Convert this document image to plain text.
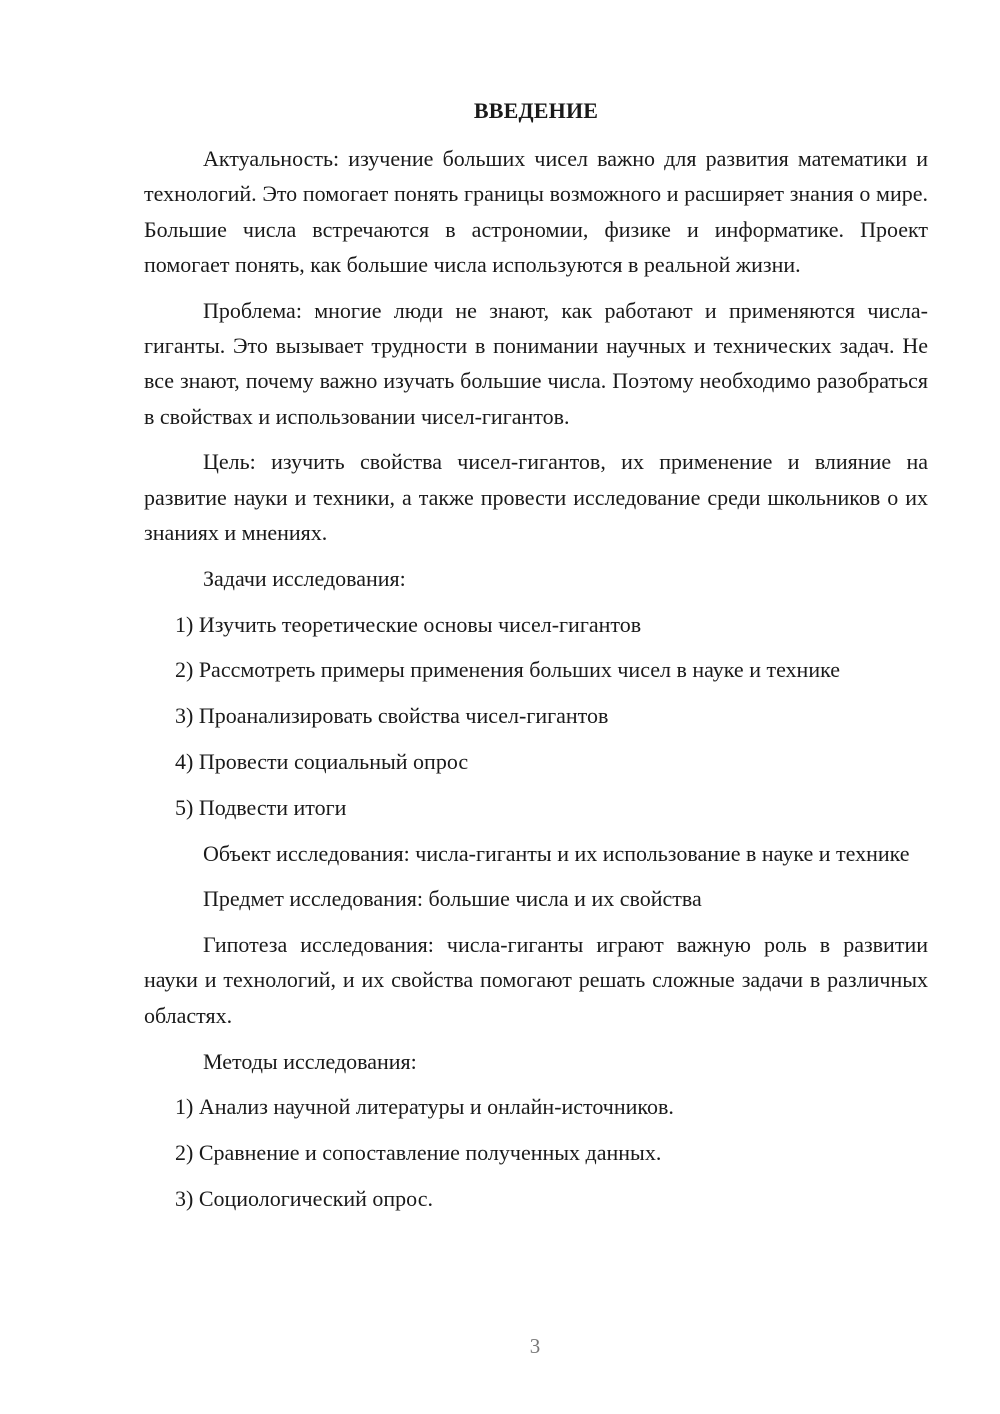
ВВЕДЕНИЕ

Актуальность: изучение больших чисел важно для развития математики и технологий. Это помогает понять границы возможного и расширяет знания о мире. Большие числа встречаются в астрономии, физике и информатике. Проект помогает понять, как большие числа используются в реальной жизни.

Проблема: многие люди не знают, как работают и применяются числа-гиганты. Это вызывает трудности в понимании научных и технических задач. Не все знают, почему важно изучать большие числа. Поэтому необходимо разобраться в свойствах и использовании чисел-гигантов.

Цель: изучить свойства чисел-гигантов, их применение и влияние на развитие науки и техники, а также провести исследование среди школьников о их знаниях и мнениях.

Задачи исследования:

1) Изучить теоретические основы чисел-гигантов

2) Рассмотреть примеры применения больших чисел в науке и технике

3) Проанализировать свойства чисел-гигантов

4) Провести социальный опрос

5) Подвести итоги

Объект исследования: числа-гиганты и их использование в науке и технике

Предмет исследования: большие числа и их свойства

Гипотеза исследования: числа-гиганты играют важную роль в развитии науки и технологий, и их свойства помогают решать сложные задачи в различных областях.

Методы исследования:

1) Анализ научной литературы и онлайн-источников.

2) Сравнение и сопоставление полученных данных.

3) Социологический опрос.

3
